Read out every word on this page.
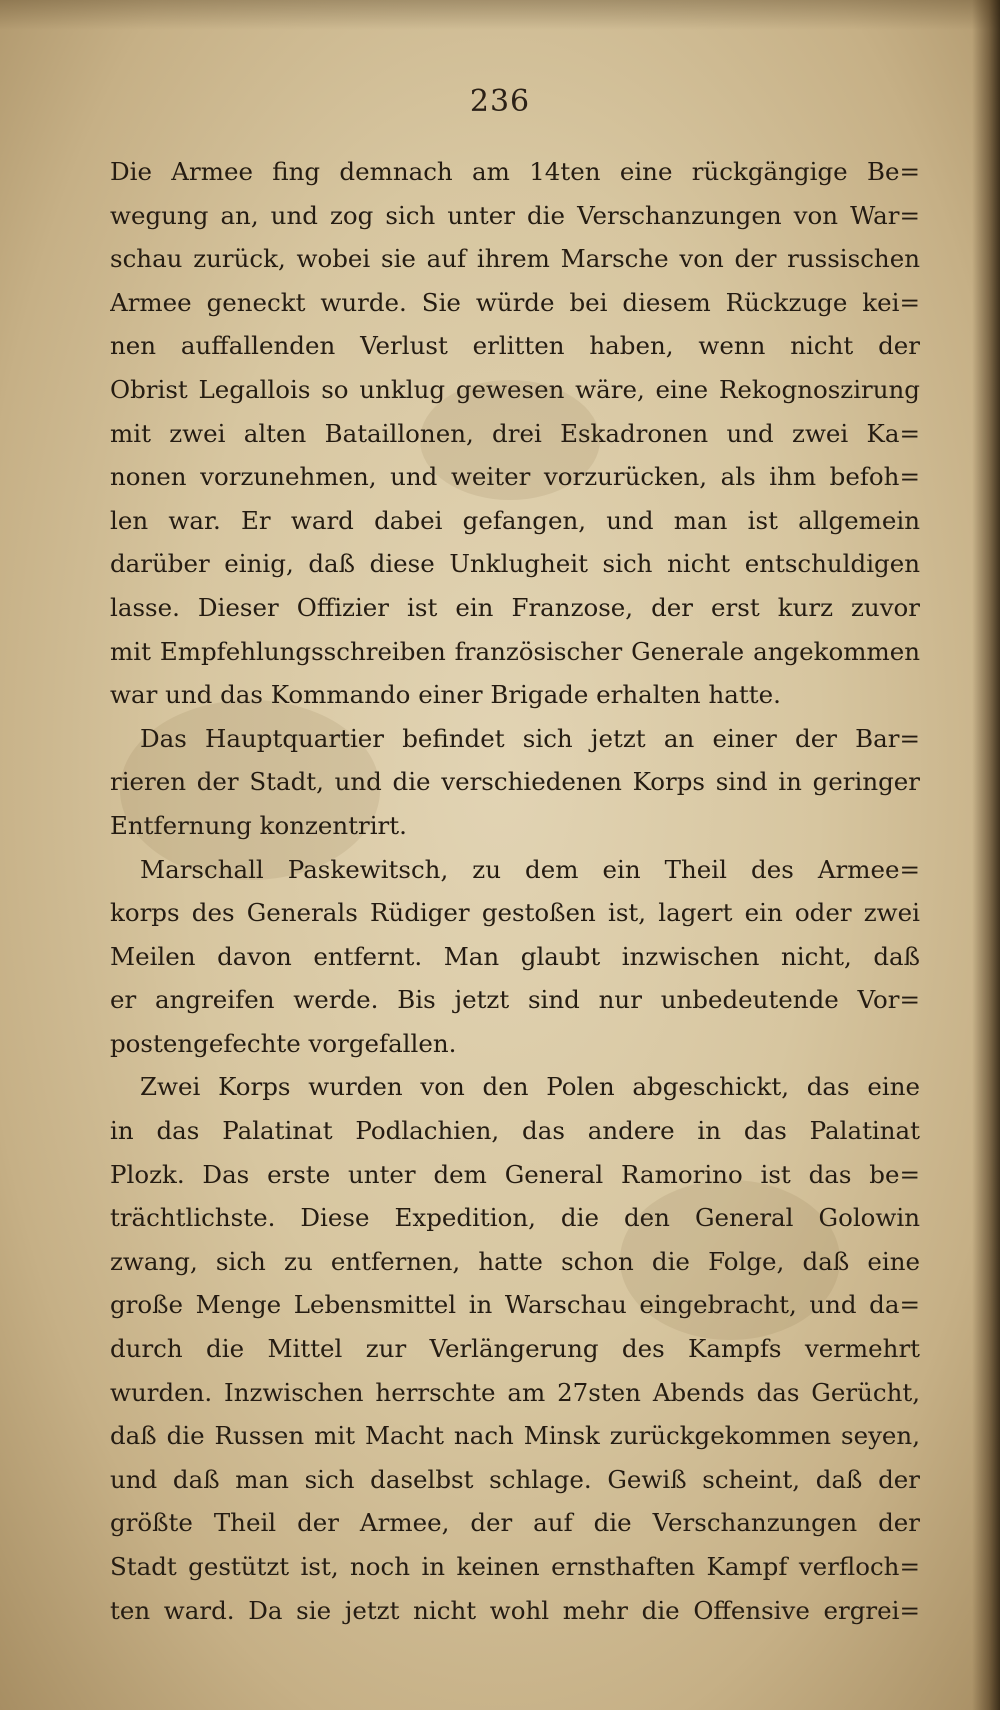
236
Die Armee fing demnach am 14ten eine rückgängige Be=
wegung an, und zog sich unter die Verschanzungen von War=
schau zurück, wobei sie auf ihrem Marsche von der russischen
Armee geneckt wurde. Sie würde bei diesem Rückzuge kei=
nen auffallenden Verlust erlitten haben, wenn nicht der
Obrist Legallois so unklug gewesen wäre, eine Rekognoszirung
mit zwei alten Bataillonen, drei Eskadronen und zwei Ka=
nonen vorzunehmen, und weiter vorzurücken, als ihm befoh=
len war. Er ward dabei gefangen, und man ist allgemein
darüber einig, daß diese Unklugheit sich nicht entschuldigen
lasse. Dieser Offizier ist ein Franzose, der erst kurz zuvor
mit Empfehlungsschreiben französischer Generale angekommen
war und das Kommando einer Brigade erhalten hatte.
Das Hauptquartier befindet sich jetzt an einer der Bar=
rieren der Stadt, und die verschiedenen Korps sind in geringer
Entfernung konzentrirt.
Marschall Paskewitsch, zu dem ein Theil des Armee=
korps des Generals Rüdiger gestoßen ist, lagert ein oder zwei
Meilen davon entfernt. Man glaubt inzwischen nicht, daß
er angreifen werde. Bis jetzt sind nur unbedeutende Vor=
postengefechte vorgefallen.
Zwei Korps wurden von den Polen abgeschickt, das eine
in das Palatinat Podlachien, das andere in das Palatinat
Plozk. Das erste unter dem General Ramorino ist das be=
trächtlichste. Diese Expedition, die den General Golowin
zwang, sich zu entfernen, hatte schon die Folge, daß eine
große Menge Lebensmittel in Warschau eingebracht, und da=
durch die Mittel zur Verlängerung des Kampfs vermehrt
wurden. Inzwischen herrschte am 27sten Abends das Gerücht,
daß die Russen mit Macht nach Minsk zurückgekommen seyen,
und daß man sich daselbst schlage. Gewiß scheint, daß der
größte Theil der Armee, der auf die Verschanzungen der
Stadt gestützt ist, noch in keinen ernsthaften Kampf verfloch=
ten ward. Da sie jetzt nicht wohl mehr die Offensive ergrei=
